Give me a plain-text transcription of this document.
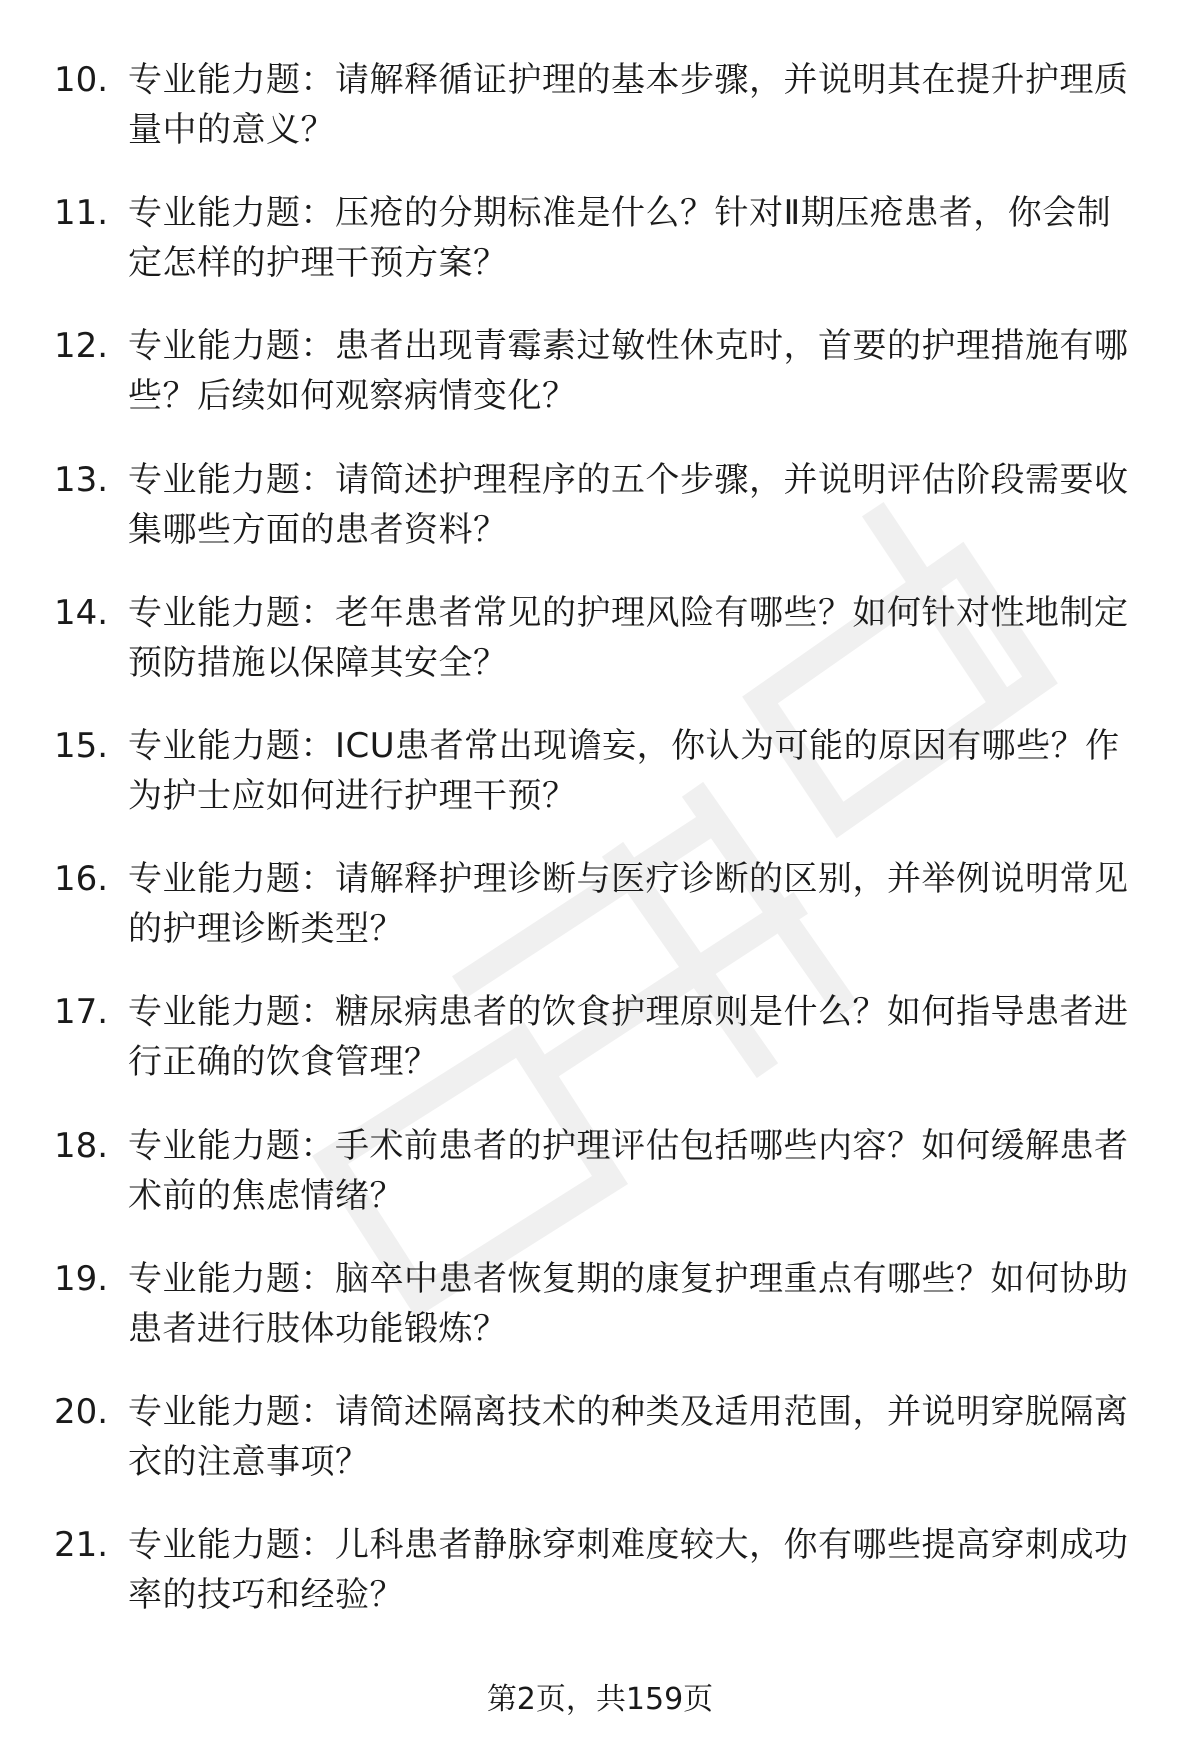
10. 专业能力题：请解释循证护理的基本步骤，并说明其在提升护理质量中的意义？
11. 专业能力题：压疮的分期标准是什么？针对Ⅱ期压疮患者，你会制定怎样的护理干预方案？
12. 专业能力题：患者出现青霉素过敏性休克时，首要的护理措施有哪些？后续如何观察病情变化？
13. 专业能力题：请简述护理程序的五个步骤，并说明评估阶段需要收集哪些方面的患者资料？
14. 专业能力题：老年患者常见的护理风险有哪些？如何针对性地制定预防措施以保障其安全？
15. 专业能力题：ICU患者常出现谵妄，你认为可能的原因有哪些？作为护士应如何进行护理干预？
16. 专业能力题：请解释护理诊断与医疗诊断的区别，并举例说明常见的护理诊断类型？
17. 专业能力题：糖尿病患者的饮食护理原则是什么？如何指导患者进行正确的饮食管理？
18. 专业能力题：手术前患者的护理评估包括哪些内容？如何缓解患者术前的焦虑情绪？
19. 专业能力题：脑卒中患者恢复期的康复护理重点有哪些？如何协助患者进行肢体功能锻炼？
20. 专业能力题：请简述隔离技术的种类及适用范围，并说明穿脱隔离衣的注意事项？
21. 专业能力题：儿科患者静脉穿刺难度较大，你有哪些提高穿刺成功率的技巧和经验？
第2页，共159页
